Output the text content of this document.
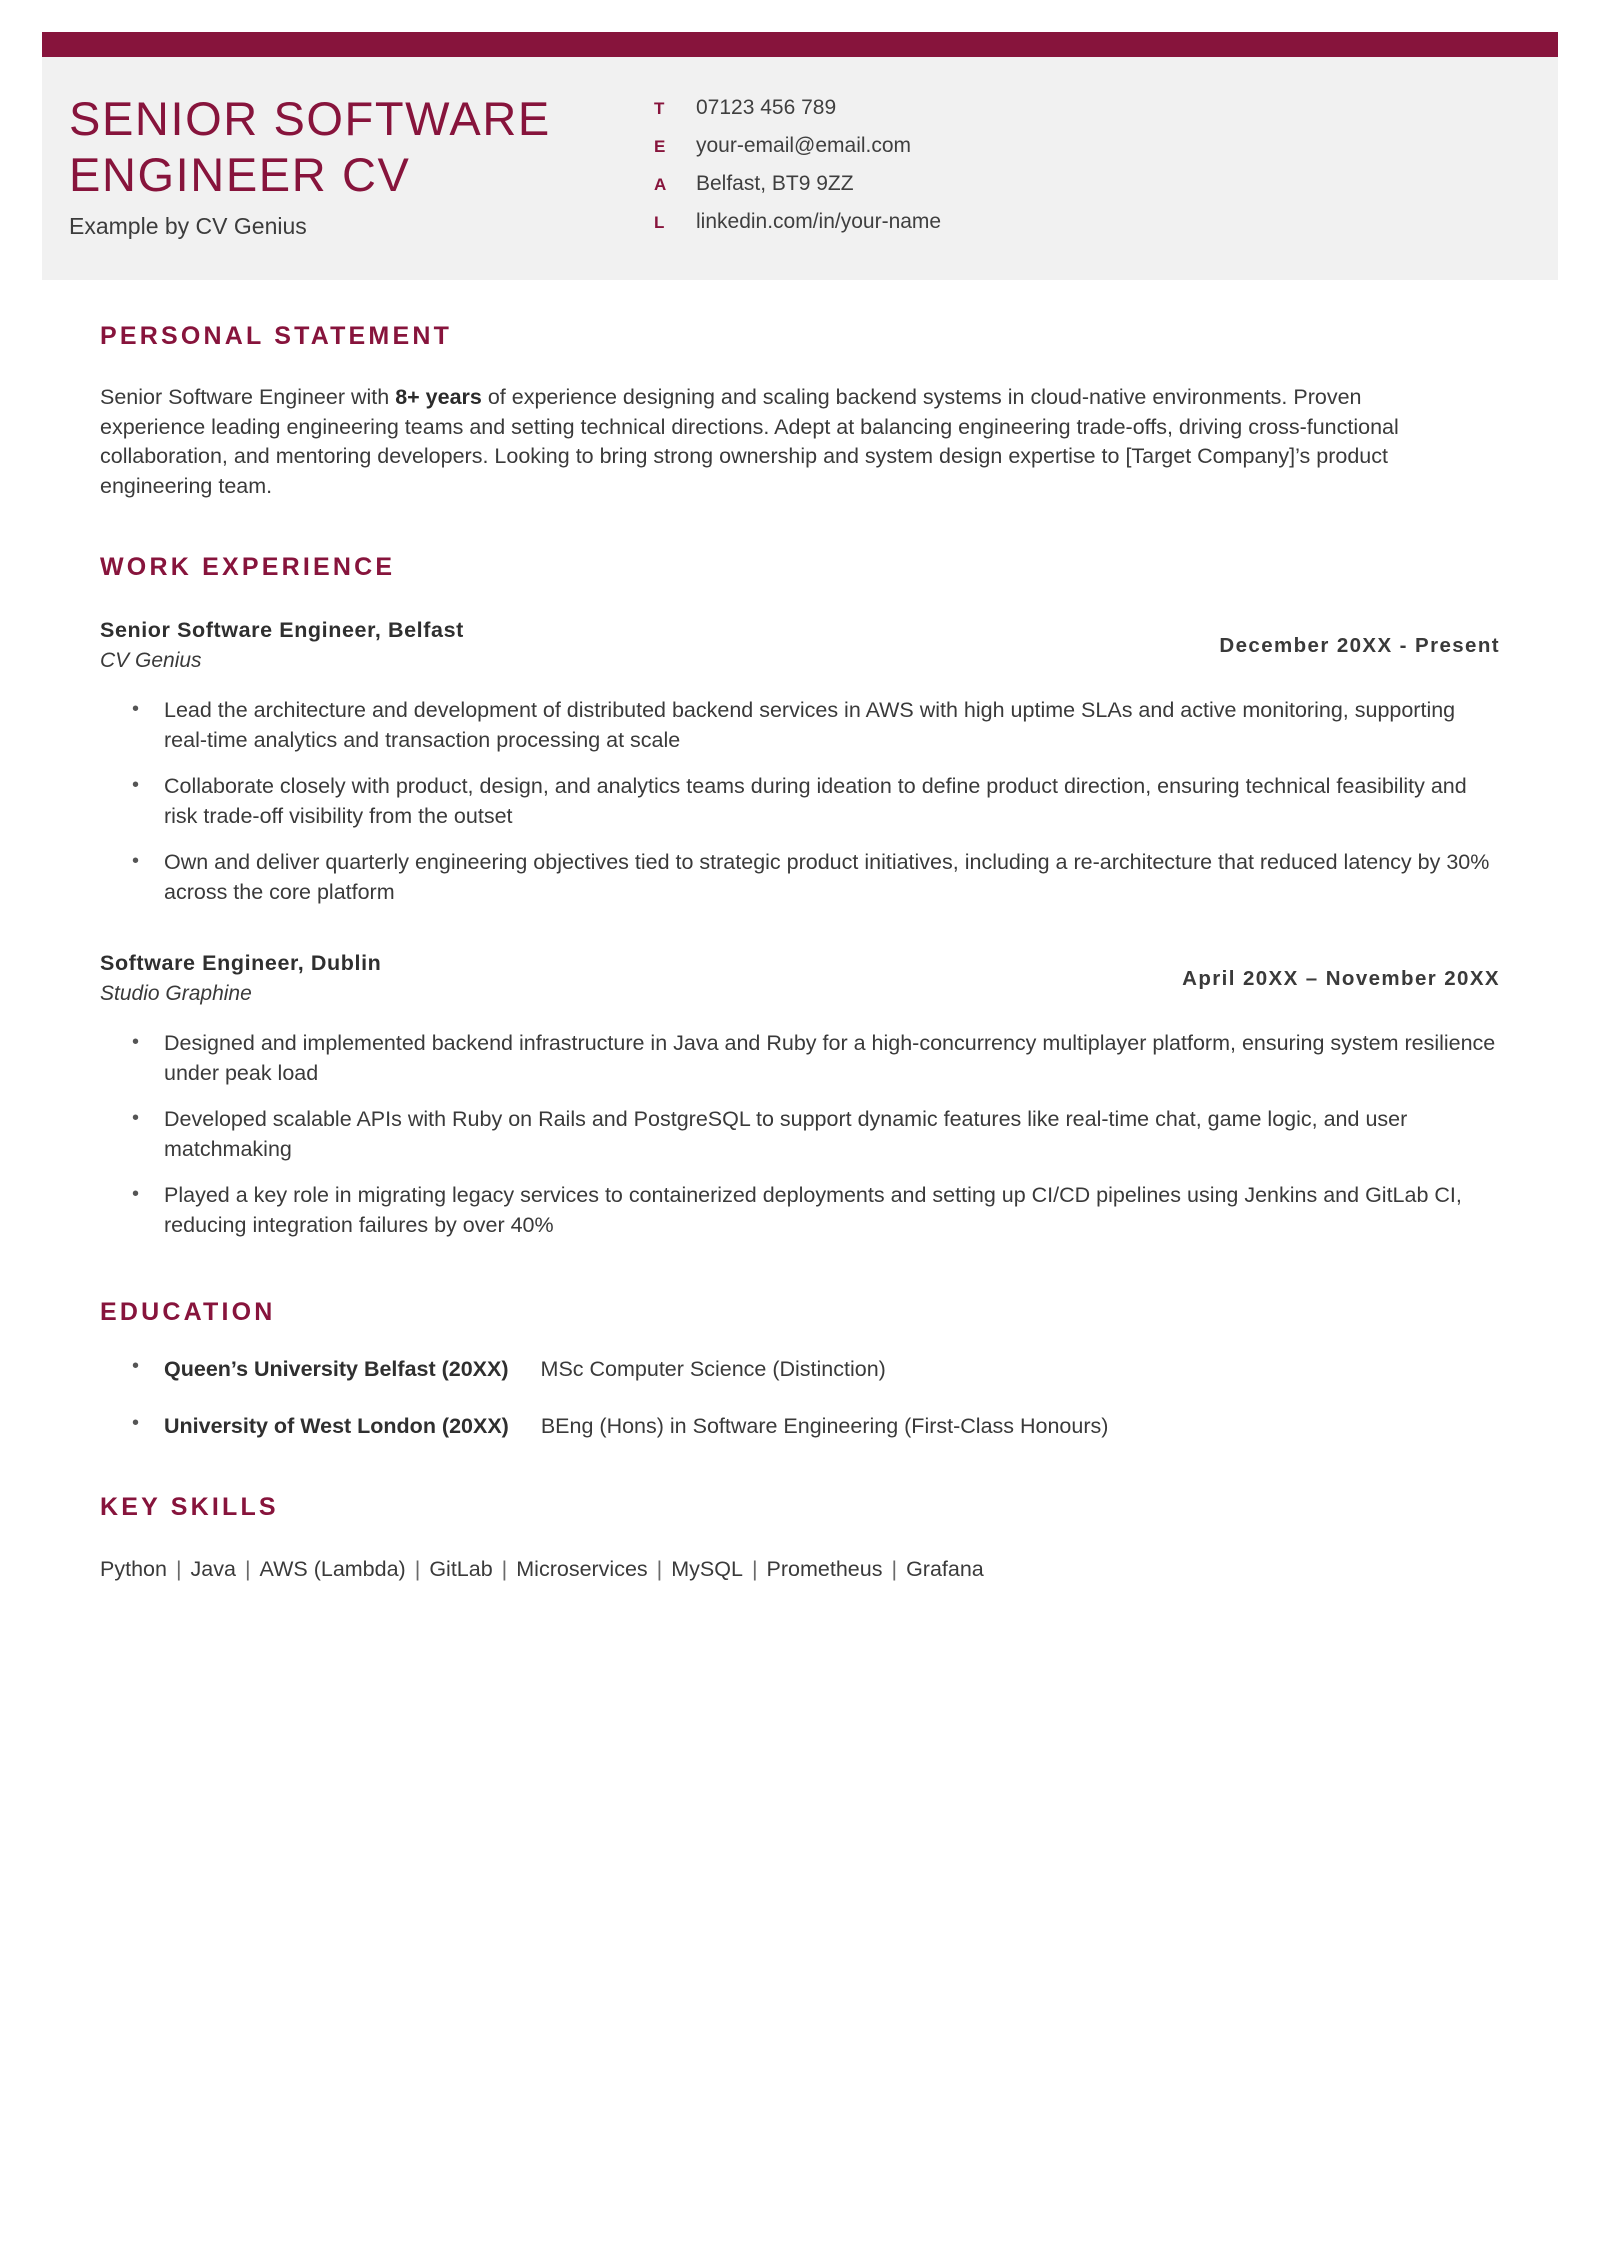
SENIOR SOFTWARE ENGINEER CV

Example by CV Genius

T	07123 456 789
E	your-email@email.com
A	Belfast, BT9 9ZZ
L	linkedin.com/in/your-name
PERSONAL STATEMENT

Senior Software Engineer with 8+ years of experience designing and scaling backend systems in cloud-native environments. Proven experience leading engineering teams and setting technical directions. Adept at balancing engineering trade-offs, driving cross-functional collaboration, and mentoring developers. Looking to bring strong ownership and system design expertise to [Target Company]’s product engineering team.

WORK EXPERIENCE
Senior Software Engineer, Belfast
CV Genius
December 20XX - Present
• Lead the architecture and development of distributed backend services in AWS with high uptime SLAs and active monitoring, supporting real-time analytics and transaction processing at scale
• Collaborate closely with product, design, and analytics teams during ideation to define product direction, ensuring technical feasibility and risk trade-off visibility from the outset
• Own and deliver quarterly engineering objectives tied to strategic product initiatives, including a re-architecture that reduced latency by 30% across the core platform
Software Engineer, Dublin
Studio Graphine
April 20XX – November 20XX
• Designed and implemented backend infrastructure in Java and Ruby for a high-concurrency multiplayer platform, ensuring system resilience under peak load
• Developed scalable APIs with Ruby on Rails and PostgreSQL to support dynamic features like real-time chat, game logic, and user matchmaking
• Played a key role in migrating legacy services to containerized deployments and setting up CI/CD pipelines using Jenkins and GitLab CI, reducing integration failures by over 40%
EDUCATION
• Queen’s University Belfast (20XX) MSc Computer Science (Distinction)
• University of West London (20XX) BEng (Hons) in Software Engineering (First-Class Honours)
KEY SKILLS
Python | Java | AWS (Lambda) | GitLab | Microservices | MySQL | Prometheus | Grafana
